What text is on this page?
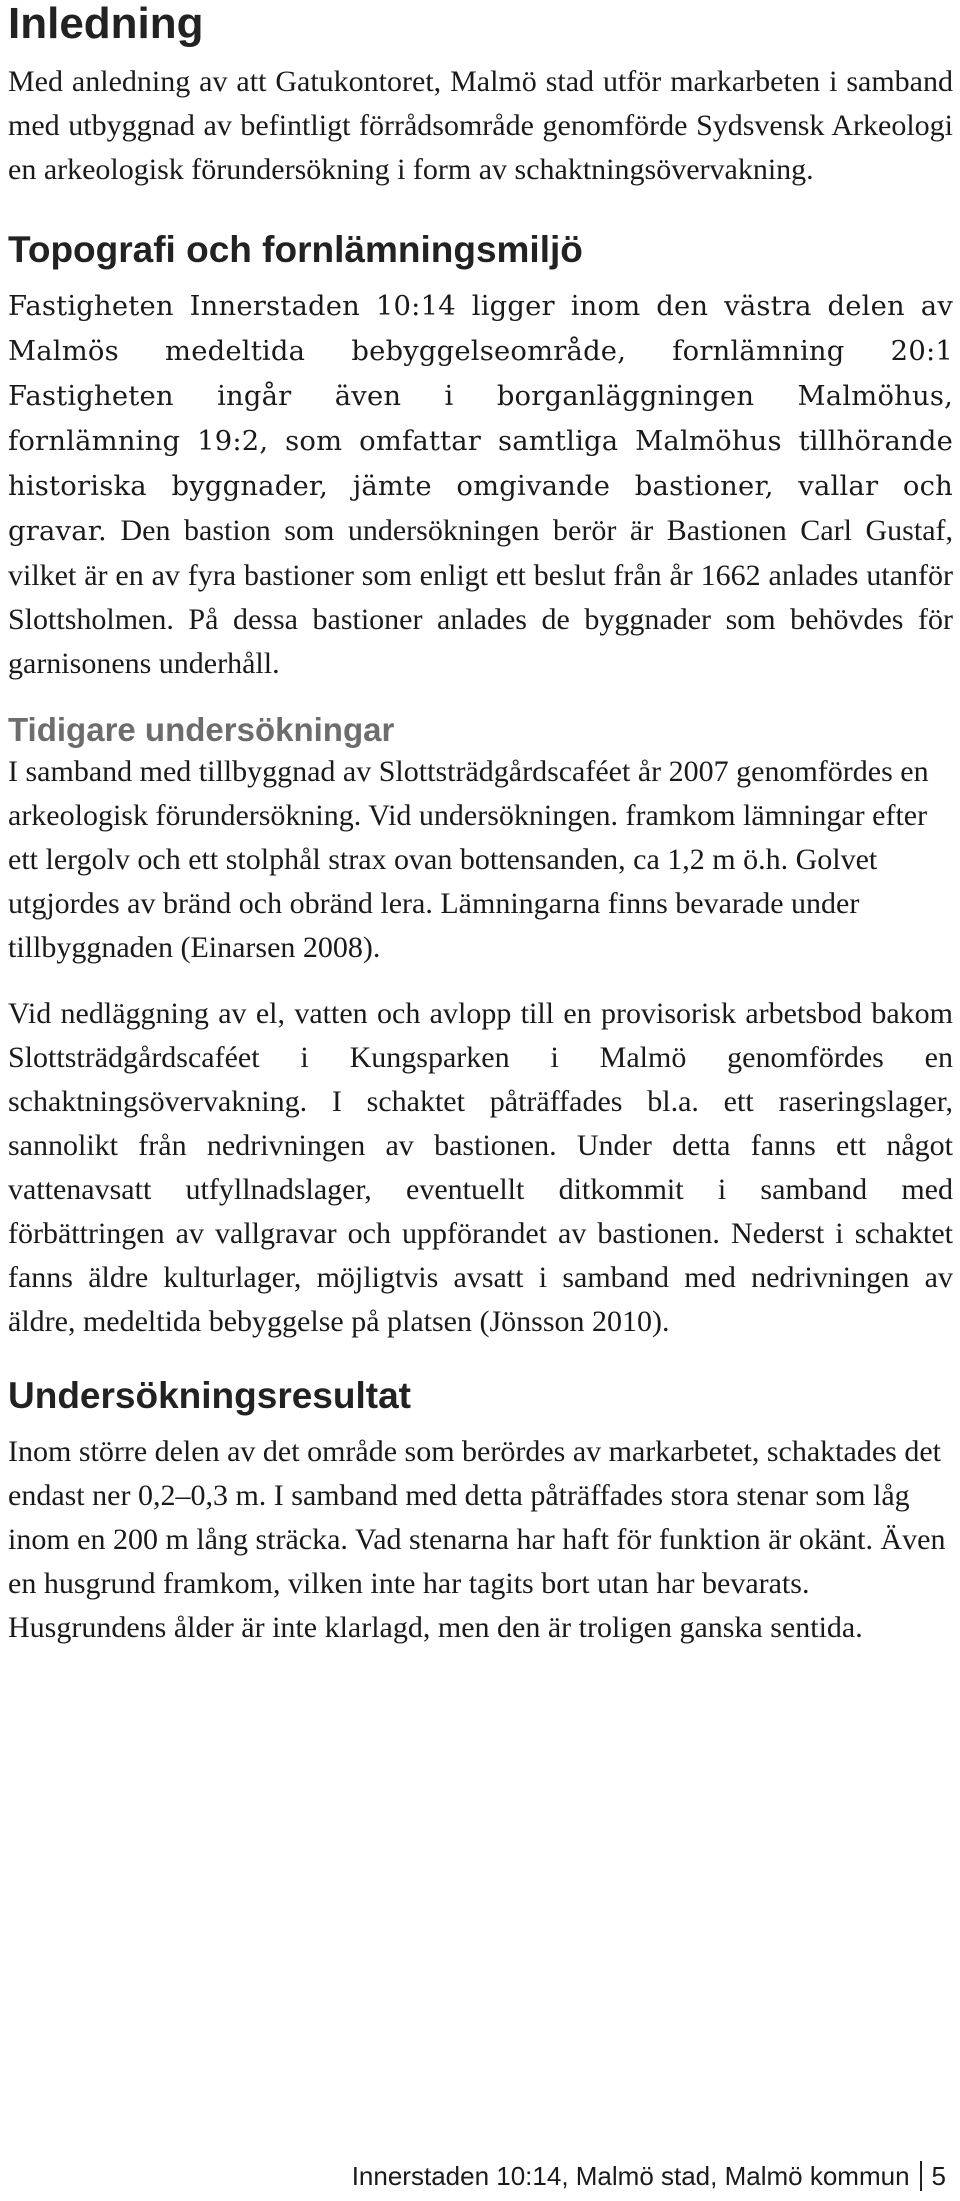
Inledning

Med anledning av att Gatukontoret, Malmö stad utför markarbeten i samband med utbyggnad av befintligt förrådsområde genomförde Sydsvensk Arkeologi en arkeologisk förundersökning i form av schaktningsövervakning.

Topografi och fornlämningsmiljö

Fastigheten Innerstaden 10:14 ligger inom den västra delen av Malmös medeltida bebyggelseområde, fornlämning 20:1 Fastigheten ingår även i borganläggningen Malmöhus, fornlämning 19:2, som omfattar samtliga Malmöhus tillhörande historiska byggnader, jämte omgivande bastioner, vallar och gravar. Den bastion som undersökningen berör är Bastionen Carl Gustaf, vilket är en av fyra bastioner som enligt ett beslut från år 1662 anlades utanför Slottsholmen. På dessa bastioner anlades de byggnader som behövdes för garnisonens underhåll.

Tidigare undersökningar

I samband med tillbyggnad av Slottsträdgårdscaféet år 2007 genomfördes en arkeologisk förundersökning. Vid undersökningen. framkom lämningar efter ett lergolv och ett stolphål strax ovan bottensanden, ca 1,2 m ö.h. Golvet utgjordes av bränd och obränd lera. Lämningarna finns bevarade under tillbyggnaden (Einarsen 2008).

Vid nedläggning av el, vatten och avlopp till en provisorisk arbetsbod bakom Slottsträdgårdscaféet i Kungsparken i Malmö genomfördes en schaktningsövervakning. I schaktet påträffades bl.a. ett raseringslager, sannolikt från nedrivningen av bastionen. Under detta fanns ett något vattenavsatt utfyllnadslager, eventuellt ditkommit i samband med förbättringen av vallgravar och uppförandet av bastionen. Nederst i schaktet fanns äldre kulturlager, möjligtvis avsatt i samband med nedrivningen av äldre, medeltida bebyggelse på platsen (Jönsson 2010).

Undersökningsresultat

Inom större delen av det område som berördes av markarbetet, schaktades det endast ner 0,2–0,3 m. I samband med detta påträffades stora stenar som låg inom en 200 m lång sträcka. Vad stenarna har haft för funktion är okänt. Även en husgrund framkom, vilken inte har tagits bort utan har bevarats. Husgrundens ålder är inte klarlagd, men den är troligen ganska sentida.

Innerstaden 10:14, Malmö stad, Malmö kommun 5
